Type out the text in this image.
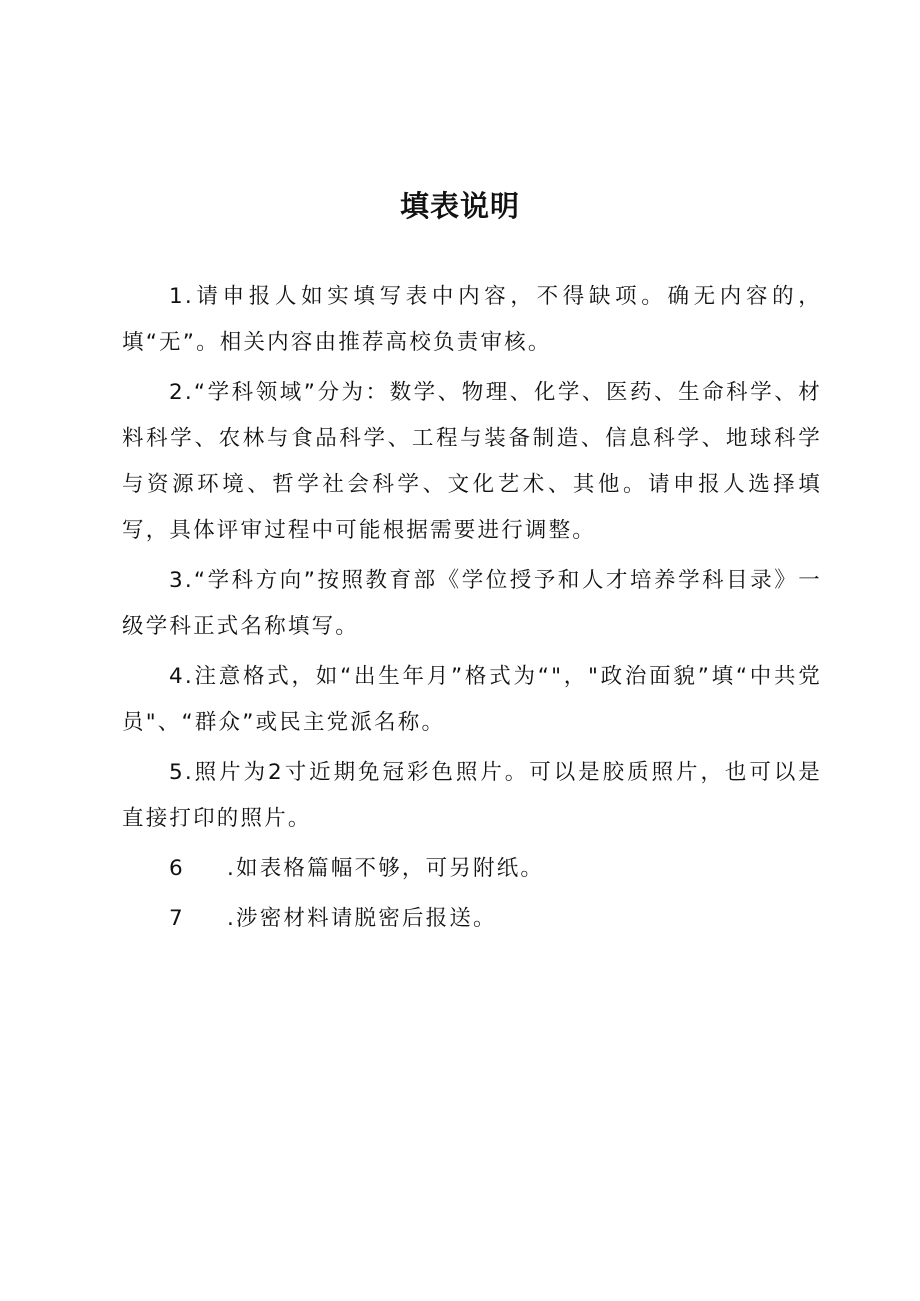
填表说明

1.请申报人如实填写表中内容，不得缺项。确无内容的，填“无”。相关内容由推荐高校负责审核。

2.“学科领域”分为：数学、物理、化学、医药、生命科学、材料科学、农林与食品科学、工程与装备制造、信息科学、地球科学与资源环境、哲学社会科学、文化艺术、其他。请申报人选择填写，具体评审过程中可能根据需要进行调整。

3.“学科方向”按照教育部《学位授予和人才培养学科目录》一级学科正式名称填写。

4.注意格式，如“出生年月”格式为“"，"政治面貌”填“中共党员"、“群众”或民主党派名称。

5.照片为2寸近期免冠彩色照片。可以是胶质照片，也可以是直接打印的照片。

6 .如表格篇幅不够，可另附纸。

7 .涉密材料请脱密后报送。
